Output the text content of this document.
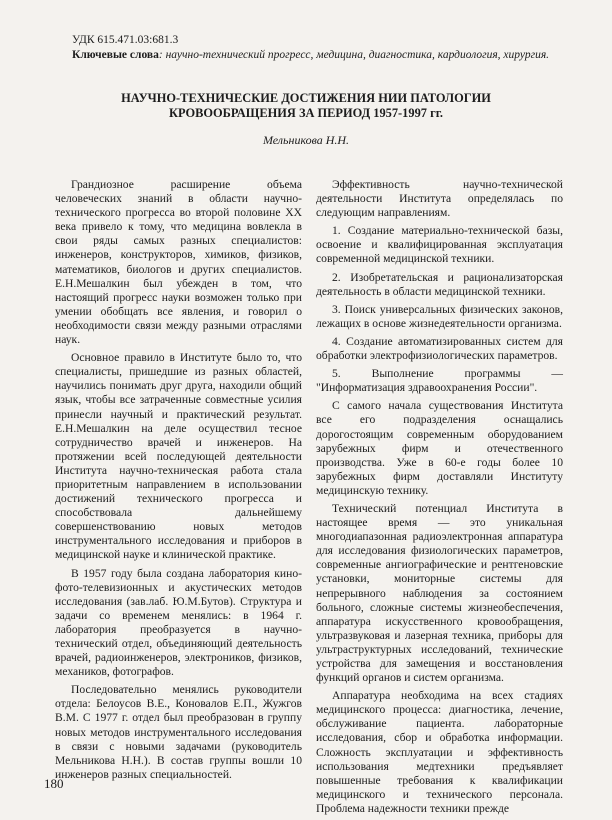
УДК 615.471.03:681.3
Ключевые слова: научно-технический прогресс, медицина, диагностика, кардиология, хирургия.
НАУЧНО-ТЕХНИЧЕСКИЕ ДОСТИЖЕНИЯ НИИ ПАТОЛОГИИ
КРОВООБРАЩЕНИЯ ЗА ПЕРИОД 1957-1997 гг.
Мельникова Н.Н.

Грандиозное расширение объема человеческих знаний в области научно-технического прогресса во второй половине XX века привело к тому, что медицина вовлекла в свои ряды самых разных специалистов: инженеров, конструкторов, химиков, физиков, математиков, биологов и других специалистов. Е.Н.Мешалкин был убежден в том, что настоящий прогресс науки возможен только при умении обобщать все явления, и говорил о необходимости связи между разными отраслями наук.

Основное правило в Институте было то, что специалисты, пришедшие из разных областей, научились понимать друг друга, находили общий язык, чтобы все затраченные совместные усилия принесли научный и практический результат. Е.Н.Мешалкин на деле осуществил тесное сотрудничество врачей и инженеров. На протяжении всей последующей деятельности Института научно-техническая работа стала приоритетным направлением в использовании достижений технического прогресса и способствовала дальнейшему совершенствованию новых методов инструментального исследования и приборов в медицинской науке и клинической практике.

В 1957 году была создана лаборатория кино-фото-телевизионных и акустических методов исследования (зав.лаб. Ю.М.Бутов). Структура и задачи со временем менялись: в 1964 г. лаборатория преобразуется в научно-технический отдел, объединяющий деятельность врачей, радиоинженеров, электроников, физиков, механиков, фотографов.

Последовательно менялись руководители отдела: Белоусов В.Е., Коновалов Е.П., Жужгов В.М. С 1977 г. отдел был преобразован в группу новых методов инструментального исследования в связи с новыми задачами (руководитель Мельникова Н.Н.). В состав группы вошли 10 инженеров разных специальностей.

Эффективность научно-технической деятельности Института определялась по следующим направлениям.

1. Создание материально-технической базы, освоение и квалифицированная эксплуатация современной медицинской техники.

2. Изобретательская и рационализаторская деятельность в области медицинской техники.

3. Поиск универсальных физических законов, лежащих в основе жизнедеятельности организма.

4. Создание автоматизированных систем для обработки электрофизиологических параметров.

5. Выполнение программы — "Информатизация здравоохранения России".

С самого начала существования Института все его подразделения оснащались дорогостоящим современным оборудованием зарубежных фирм и отечественного производства. Уже в 60-е годы более 10 зарубежных фирм доставляли Институту медицинскую технику.

Технический потенциал Института в настоящее время — это уникальная многодиапазонная радиоэлектронная аппаратура для исследования физиологических параметров, современные ангиографические и рентгеновские установки, мониторные системы для непрерывного наблюдения за состоянием больного, сложные системы жизнеобеспечения, аппаратура искусственного кровообращения, ультразвуковая и лазерная техника, приборы для ультраструктурных исследований, технические устройства для замещения и восстановления функций органов и систем организма.

Аппаратура необходима на всех стадиях медицинского процесса: диагностика, лечение, обслуживание пациента. лабораторные исследования, сбор и обработка информации. Сложность эксплуатации и эффективность использования медтехники предъявляет повышенные требования к квалификации медицинского и технического персонала. Проблема надежности техники прежде

180
